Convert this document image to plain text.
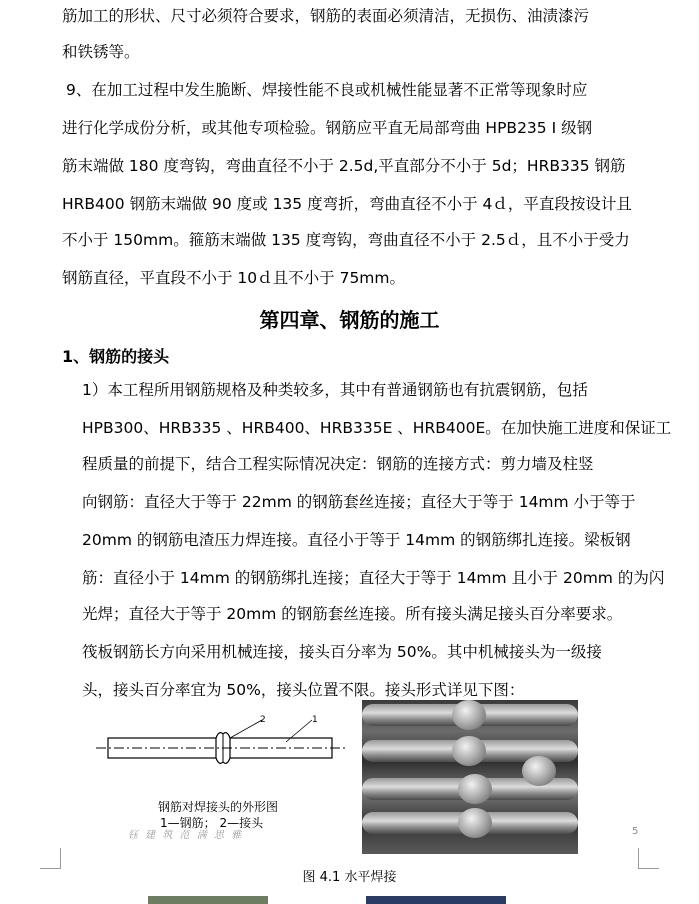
筋加工的形状、尺寸必须符合要求，钢筋的表面必须清洁，无损伤、油渍漆污
和铁锈等。
9、在加工过程中发生脆断、焊接性能不良或机械性能显著不正常等现象时应
进行化学成份分析，或其他专项检验。钢筋应平直无局部弯曲 HPB235 I 级钢
筋末端做 180 度弯钩，弯曲直径不小于 2.5d,平直部分不小于 5d；HRB335 钢筋
HRB400 钢筋末端做 90 度或 135 度弯折，弯曲直径不小于 4ｄ，平直段按设计且
不小于 150mm。箍筋末端做 135 度弯钩，弯曲直径不小于 2.5ｄ，且不小于受力
钢筋直径，平直段不小于 10ｄ且不小于 75mm。
第四章、钢筋的施工
1、钢筋的接头
1）本工程所用钢筋规格及种类较多，其中有普通钢筋也有抗震钢筋，包括
HPB300、HRB335 、HRB400、HRB335E 、HRB400E。在加快施工进度和保证工
程质量的前提下，结合工程实际情况决定：钢筋的连接方式：剪力墙及柱竖
向钢筋：直径大于等于 22mm 的钢筋套丝连接；直径大于等于 14mm 小于等于
20mm 的钢筋电渣压力焊连接。直径小于等于 14mm 的钢筋绑扎连接。梁板钢
筋：直径小于 14mm 的钢筋绑扎连接；直径大于等于 14mm 且小于 20mm 的为闪
光焊；直径大于等于 20mm 的钢筋套丝连接。所有接头满足接头百分率要求。
筏板钢筋长方向采用机械连接，接头百分率为 50%。其中机械接头为一级接
头，接头百分率宜为 50%，接头位置不限。接头形式详见下图：
2	1
钢筋对焊接头的外形图
1—钢筋； 2—接头
钰 建 筑 范 满 思 雅	5
图 4.1 水平焊接
